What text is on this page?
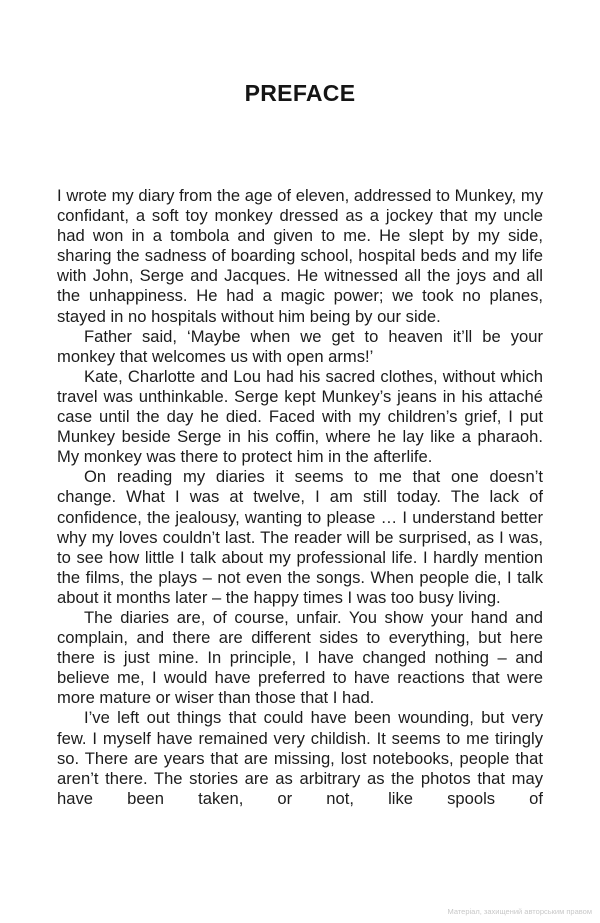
PREFACE

I wrote my diary from the age of eleven, addressed to Munkey, my confidant, a soft toy monkey dressed as a jockey that my uncle had won in a tombola and given to me. He slept by my side, sharing the sadness of boarding school, hospital beds and my life with John, Serge and Jacques. He witnessed all the joys and all the unhappiness. He had a magic power; we took no planes, stayed in no hospitals without him being by our side.

Father said, ‘Maybe when we get to heaven it’ll be your monkey that welcomes us with open arms!’

Kate, Charlotte and Lou had his sacred clothes, without which travel was unthinkable. Serge kept Munkey’s jeans in his attaché case until the day he died. Faced with my children’s grief, I put Munkey beside Serge in his coffin, where he lay like a pharaoh. My monkey was there to protect him in the afterlife.

On reading my diaries it seems to me that one doesn’t change. What I was at twelve, I am still today. The lack of confidence, the jealousy, wanting to please … I understand better why my loves couldn’t last. The reader will be surprised, as I was, to see how little I talk about my professional life. I hardly mention the films, the plays – not even the songs. When people die, I talk about it months later – the happy times I was too busy living.

The diaries are, of course, unfair. You show your hand and complain, and there are different sides to everything, but here there is just mine. In principle, I have changed nothing – and believe me, I would have preferred to have reactions that were more mature or wiser than those that I had.

I’ve left out things that could have been wounding, but very few. I myself have remained very childish. It seems to me tiringly so. There are years that are missing, lost notebooks, people that aren’t there. The stories are as arbitrary as the photos that may have been taken, or not, like spools of

Матеріал, захищений авторським правом
